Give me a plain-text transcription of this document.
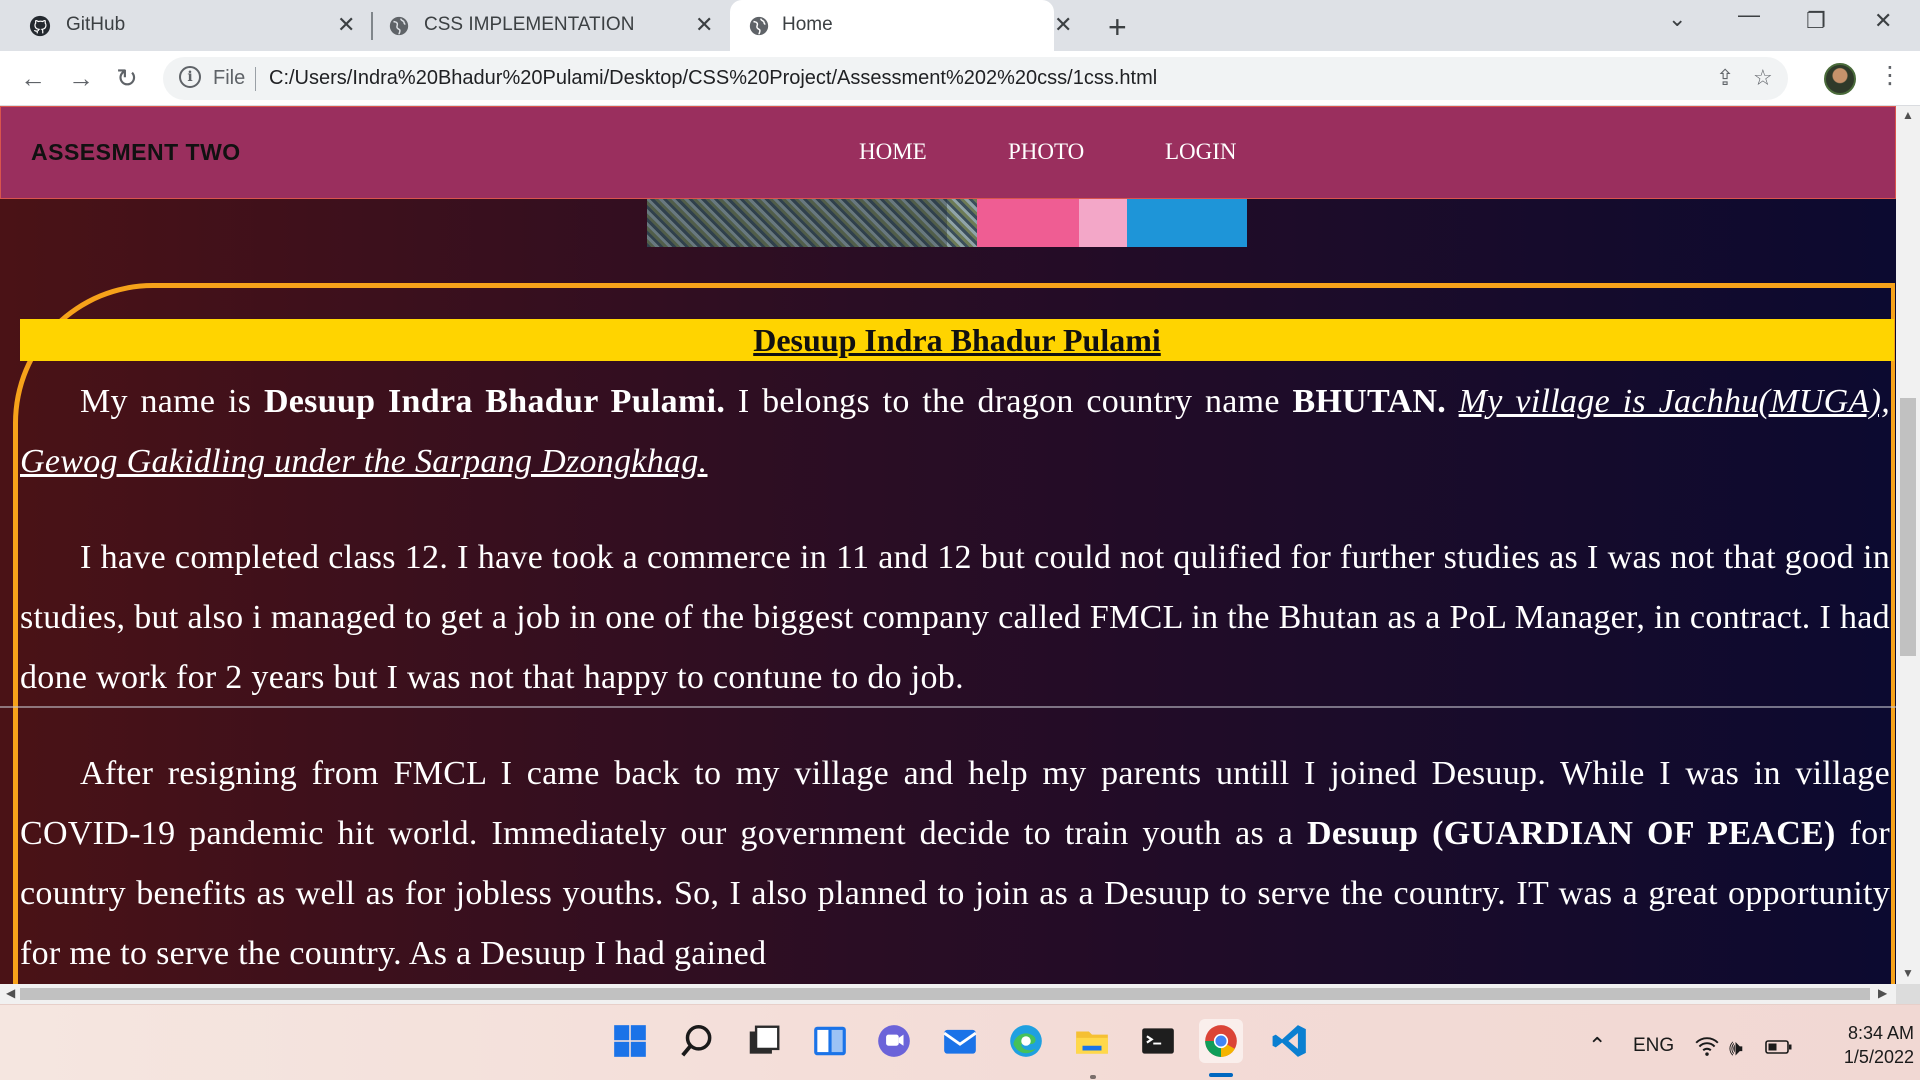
GitHub	✕	CSS IMPLEMENTATION	✕	Home	✕ +	⌄ — ❐ ✕
← → ↻	i	File C:/Users/Indra%20Bhadur%20Pulami/Desktop/CSS%20Project/Assessment%202%20css/1css.html	⇪ ☆	⋮
ASSESMENT TWO	HOME	PHOTO	LOGIN
Desuup Indra Bhadur Pulami

My name is Desuup Indra Bhadur Pulami. I belongs to the dragon country name BHUTAN. My village is Jachhu(MUGA), Gewog Gakidling under the Sarpang Dzongkhag.

I have completed class 12. I have took a commerce in 11 and 12 but could not qulified for further studies as I was not that good in studies, but also i managed to get a job in one of the biggest company called FMCL in the Bhutan as a PoL Manager, in contract. I had done work for 2 years but I was not that happy to contune to do job.

After resigning from FMCL I came back to my village and help my parents untill I joined Desuup. While I was in village COVID-19 pandemic hit world. Immediately our government decide to train youth as a Desuup (GUARDIAN OF PEACE) for country benefits as well as for jobless youths. So, I also planned to join as a Desuup to serve the country. IT was a great opportunity for me to serve the country. As a Desuup I had gained

▲
▼
◀	▶
⌃ ENG 🕪
8:34 AM
1/5/2022
